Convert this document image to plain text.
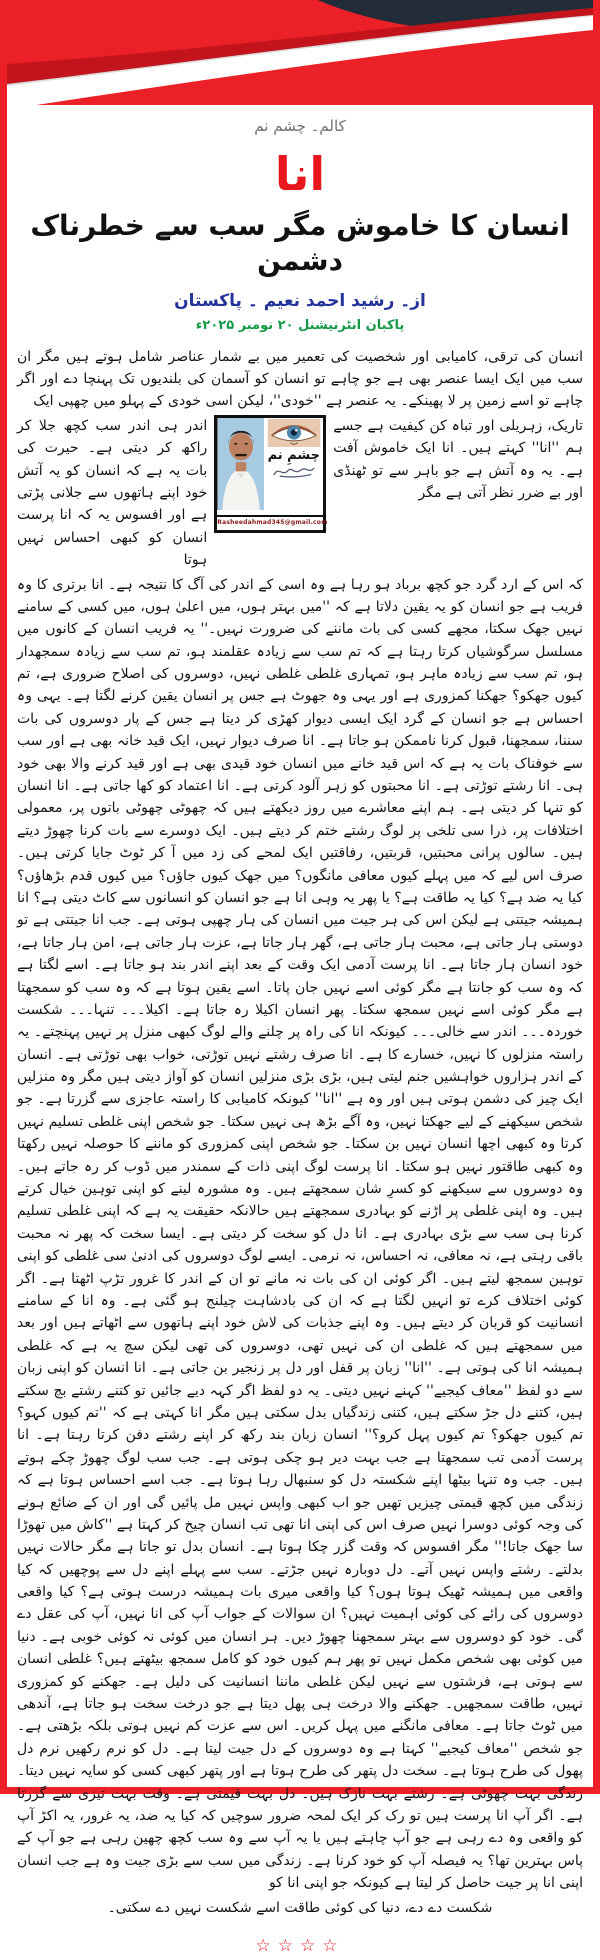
کالم۔ چشم نم
انا
انسان کا خاموش مگر سب سے خطرناک دشمن
از۔ رشید احمد نعیم ۔ پاکستان
پاکبان انٹرنیشنل ۲۰ نومبر ۲۰۲۵ء

انسان کی ترقی، کامیابی اور شخصیت کی تعمیر میں بے شمار عناصر شامل ہوتے ہیں مگر ان سب میں ایک ایسا عنصر بھی ہے جو چاہے تو انسان کو آسمان کی بلندیوں تک پہنچا دے اور اگر چاہے تو اسے زمین پر لا پھینکے۔ یہ عنصر ہے ''خودی''، لیکن اسی خودی کے پہلو میں چھپی ایک

تاریک، زہریلی اور تباہ کن کیفیت ہے جسے ہم ''انا'' کہتے ہیں۔ انا ایک خاموش آفت ہے۔ یہ وہ آتش ہے جو باہر سے تو ٹھنڈی اور بے ضرر نظر آتی ہے مگر
چشمِ نم
Rasheedahmad345@gmail.com
اندر ہی اندر سب کچھ جلا کر راکھ کر دیتی ہے۔ حیرت کی بات یہ ہے کہ انسان کو یہ آتش خود اپنے ہاتھوں سے جلانی پڑتی ہے اور افسوس یہ کہ انا پرست انسان کو کبھی احساس نہیں ہوتا

کہ اس کے ارد گرد جو کچھ برباد ہو رہا ہے وہ اسی کے اندر کی آگ کا نتیجہ ہے۔ انا برتری کا وہ فریب ہے جو انسان کو یہ یقین دلاتا ہے کہ ''میں بہتر ہوں، میں اعلیٰ ہوں، میں کسی کے سامنے نہیں جھک سکتا، مجھے کسی کی بات ماننے کی ضرورت نہیں۔'' یہ فریب انسان کے کانوں میں مسلسل سرگوشیاں کرتا رہتا ہے کہ تم سب سے زیادہ عقلمند ہو، تم سب سے زیادہ سمجھدار ہو، تم سب سے زیادہ ماہر ہو، تمہاری غلطی غلطی نہیں، دوسروں کی اصلاح ضروری ہے، تم کیوں جھکو؟ جھکنا کمزوری ہے اور یہی وہ جھوٹ ہے جس پر انسان یقین کرنے لگتا ہے۔ یہی وہ احساس ہے جو انسان کے گرد ایک ایسی دیوار کھڑی کر دیتا ہے جس کے پار دوسروں کی بات سننا، سمجھنا، قبول کرنا ناممکن ہو جاتا ہے۔ انا صرف دیوار نہیں، ایک قید خانہ بھی ہے اور سب سے خوفناک بات یہ ہے کہ اس قید خانے میں انسان خود قیدی بھی ہے اور قید کرنے والا بھی خود ہی۔ انا رشتے توڑتی ہے۔ انا محبتوں کو زہر آلود کرتی ہے۔ انا اعتماد کو کھا جاتی ہے۔ انا انسان کو تنہا کر دیتی ہے۔ ہم اپنے معاشرے میں روز دیکھتے ہیں کہ چھوٹی چھوٹی باتوں پر، معمولی اختلافات پر، ذرا سی تلخی پر لوگ رشتے ختم کر دیتے ہیں۔ ایک دوسرے سے بات کرنا چھوڑ دیتے ہیں۔ سالوں پرانی محبتیں، قربتیں، رفاقتیں ایک لمحے کی زد میں آ کر ٹوٹ جایا کرتی ہیں۔ صرف اس لیے کہ میں پہلے کیوں معافی مانگوں؟ میں جھک کیوں جاؤں؟ میں کیوں قدم بڑھاؤں؟ کیا یہ ضد ہے؟ کیا یہ طاقت ہے؟ یا پھر یہ وہی انا ہے جو انسان کو انسانوں سے کاٹ دیتی ہے؟ انا ہمیشہ جیتتی ہے لیکن اس کی ہر جیت میں انسان کی ہار چھپی ہوتی ہے۔ جب انا جیتتی ہے تو دوستی ہار جاتی ہے، محبت ہار جاتی ہے، گھر ہار جاتا ہے، عزت ہار جاتی ہے، امن ہار جاتا ہے، خود انسان ہار جاتا ہے۔ انا پرست آدمی ایک وقت کے بعد اپنے اندر بند ہو جاتا ہے۔ اسے لگتا ہے کہ وہ سب کو جانتا ہے مگر کوئی اسے نہیں جان پاتا۔ اسے یقین ہوتا ہے کہ وہ سب کو سمجھتا ہے مگر کوئی اسے نہیں سمجھ سکتا۔ پھر انسان اکیلا رہ جاتا ہے۔ اکیلا۔۔۔ تنہا۔۔۔ شکست خوردہ۔۔۔ اندر سے خالی۔۔۔ کیونکہ انا کی راہ پر چلنے والے لوگ کبھی منزل پر نہیں پہنچتے۔ یہ راستہ منزلوں کا نہیں، خسارے کا ہے۔ انا صرف رشتے نہیں توڑتی، خواب بھی توڑتی ہے۔ انسان کے اندر ہزاروں خواہشیں جنم لیتی ہیں، بڑی بڑی منزلیں انسان کو آواز دیتی ہیں مگر وہ منزلیں ایک چیز کی دشمن ہوتی ہیں اور وہ ہے ''انا'' کیونکہ کامیابی کا راستہ عاجزی سے گزرتا ہے۔ جو شخص سیکھنے کے لیے جھکتا نہیں، وہ آگے بڑھ ہی نہیں سکتا۔ جو شخص اپنی غلطی تسلیم نہیں کرتا وہ کبھی اچھا انسان نہیں بن سکتا۔ جو شخص اپنی کمزوری کو ماننے کا حوصلہ نہیں رکھتا وہ کبھی طاقتور نہیں ہو سکتا۔ انا پرست لوگ اپنی ذات کے سمندر میں ڈوب کر رہ جاتے ہیں۔ وہ دوسروں سے سیکھنے کو کسرِ شان سمجھتے ہیں۔ وہ مشورہ لینے کو اپنی توہین خیال کرتے ہیں۔ وہ اپنی غلطی پر اڑنے کو بہادری سمجھتے ہیں حالانکہ حقیقت یہ ہے کہ اپنی غلطی تسلیم کرنا ہی سب سے بڑی بہادری ہے۔ انا دل کو سخت کر دیتی ہے۔ ایسا سخت کہ پھر نہ محبت باقی رہتی ہے، نہ معافی، نہ احساس، نہ نرمی۔ ایسے لوگ دوسروں کی ادنیٰ سی غلطی کو اپنی توہین سمجھ لیتے ہیں۔ اگر کوئی ان کی بات نہ مانے تو ان کے اندر کا غرور تڑپ اٹھتا ہے۔ اگر کوئی اختلاف کرے تو انہیں لگتا ہے کہ ان کی بادشاہت چیلنج ہو گئی ہے۔ وہ انا کے سامنے انسانیت کو قربان کر دیتے ہیں۔ وہ اپنے جذبات کی لاش خود اپنے ہاتھوں سے اٹھاتے ہیں اور بعد میں سمجھتے ہیں کہ غلطی ان کی نہیں تھی، دوسروں کی تھی لیکن سچ یہ ہے کہ غلطی ہمیشہ انا کی ہوتی ہے۔ ''انا'' زبان پر قفل اور دل پر زنجیر بن جاتی ہے۔ انا انسان کو اپنی زبان سے دو لفظ ''معاف کیجیے'' کہنے نہیں دیتی۔ یہ دو لفظ اگر کہہ دیے جائیں تو کتنے رشتے بچ سکتے ہیں، کتنے دل جڑ سکتے ہیں، کتنی زندگیاں بدل سکتی ہیں مگر انا کہتی ہے کہ ''تم کیوں کہو؟ تم کیوں جھکو؟ تم کیوں پہل کرو؟'' انسان زبان بند رکھ کر اپنے رشتے دفن کرتا رہتا ہے۔ انا پرست آدمی تب سمجھتا ہے جب بہت دیر ہو چکی ہوتی ہے۔ جب سب لوگ چھوڑ چکے ہوتے ہیں۔ جب وہ تنہا بیٹھا اپنے شکستہ دل کو سنبھال رہا ہوتا ہے۔ جب اسے احساس ہوتا ہے کہ زندگی میں کچھ قیمتی چیزیں تھیں جو اب کبھی واپس نہیں مل پائیں گی اور ان کے ضائع ہونے کی وجہ کوئی دوسرا نہیں صرف اس کی اپنی انا تھی تب انسان چیخ کر کہتا ہے ''کاش میں تھوڑا سا جھک جاتا!'' مگر افسوس کہ وقت گزر چکا ہوتا ہے۔ انسان بدل تو جاتا ہے مگر حالات نہیں بدلتے۔ رشتے واپس نہیں آتے۔ دل دوبارہ نہیں جڑتے۔ سب سے پہلے اپنے دل سے پوچھیں کہ کیا واقعی میں ہمیشہ ٹھیک ہوتا ہوں؟ کیا واقعی میری بات ہمیشہ درست ہوتی ہے؟ کیا واقعی دوسروں کی رائے کی کوئی اہمیت نہیں؟ ان سوالات کے جواب آپ کی انا نہیں، آپ کی عقل دے گی۔ خود کو دوسروں سے بہتر سمجھنا چھوڑ دیں۔ ہر انسان میں کوئی نہ کوئی خوبی ہے۔ دنیا میں کوئی بھی شخص مکمل نہیں تو پھر ہم کیوں خود کو کامل سمجھ بیٹھتے ہیں؟ غلطی انسان سے ہوتی ہے، فرشتوں سے نہیں لیکن غلطی ماننا انسانیت کی دلیل ہے۔ جھکنے کو کمزوری نہیں، طاقت سمجھیں۔ جھکنے والا درخت ہی پھل دیتا ہے جو درخت سخت ہو جاتا ہے، آندھی میں ٹوٹ جاتا ہے۔ معافی مانگنے میں پہل کریں۔ اس سے عزت کم نہیں ہوتی بلکہ بڑھتی ہے۔ جو شخص ''معاف کیجیے'' کہتا ہے وہ دوسروں کے دل جیت لیتا ہے۔ دل کو نرم رکھیں نرم دل پھول کی طرح ہوتا ہے۔ سخت دل پتھر کی طرح ہوتا ہے اور پتھر کبھی کسی کو سایہ نہیں دیتا۔ زندگی بہت چھوٹی ہے۔ رشتے بہت نازک ہیں۔ دل بہت قیمتی ہے۔ وقت بہت تیزی سے گزرتا ہے۔ اگر آپ انا پرست ہیں تو رک کر ایک لمحہ ضرور سوچیں کہ کیا یہ ضد، یہ غرور، یہ اکڑ آپ کو واقعی وہ دے رہی ہے جو آپ چاہتے ہیں یا یہ آپ سے وہ سب کچھ چھین رہی ہے جو آپ کے پاس بہترین تھا؟ یہ فیصلہ آپ کو خود کرنا ہے۔ زندگی میں سب سے بڑی جیت وہ ہے جب انسان اپنی انا پر جیت حاصل کر لیتا ہے کیونکہ جو اپنی انا کو

شکست دے دے، دنیا کی کوئی طاقت اسے شکست نہیں دے سکتی۔

☆☆☆☆
